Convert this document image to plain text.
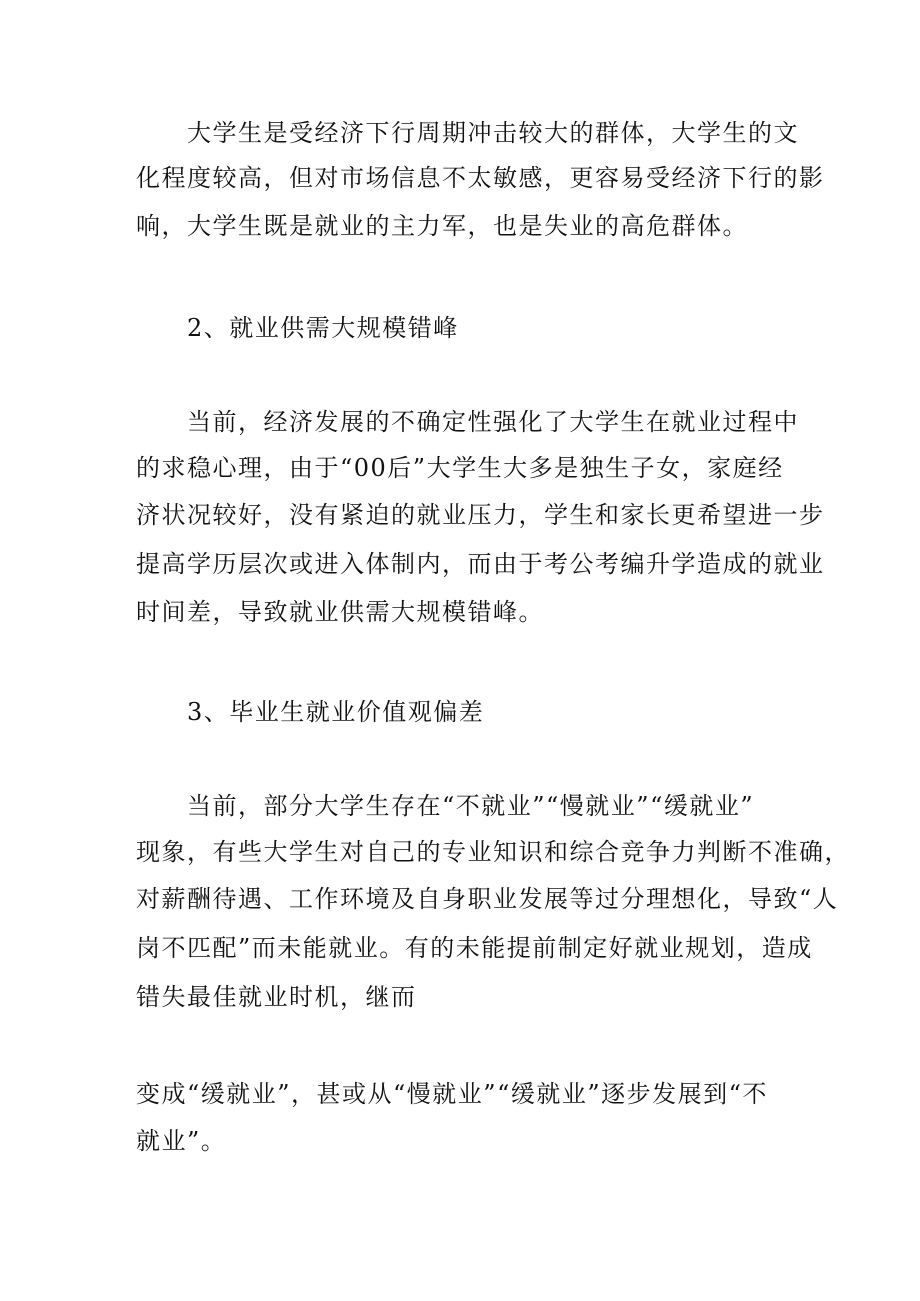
大学生是受经济下行周期冲击较大的群体，大学生的文
化程度较高，但对市场信息不太敏感，更容易受经济下行的影
响，大学生既是就业的主力军，也是失业的高危群体。
2、就业供需大规模错峰
当前，经济发展的不确定性强化了大学生在就业过程中
的求稳心理，由于“00后”大学生大多是独生子女，家庭经
济状况较好，没有紧迫的就业压力，学生和家长更希望进一步
提高学历层次或进入体制内，而由于考公考编升学造成的就业
时间差，导致就业供需大规模错峰。
3、毕业生就业价值观偏差
当前，部分大学生存在“不就业”“慢就业”“缓就业”
现象，有些大学生对自己的专业知识和综合竞争力判断不准确，
对薪酬待遇、工作环境及自身职业发展等过分理想化，导致“人
岗不匹配”而未能就业。有的未能提前制定好就业规划，造成
错失最佳就业时机，继而
变成“缓就业”，甚或从“慢就业”“缓就业”逐步发展到“不
就业”。
